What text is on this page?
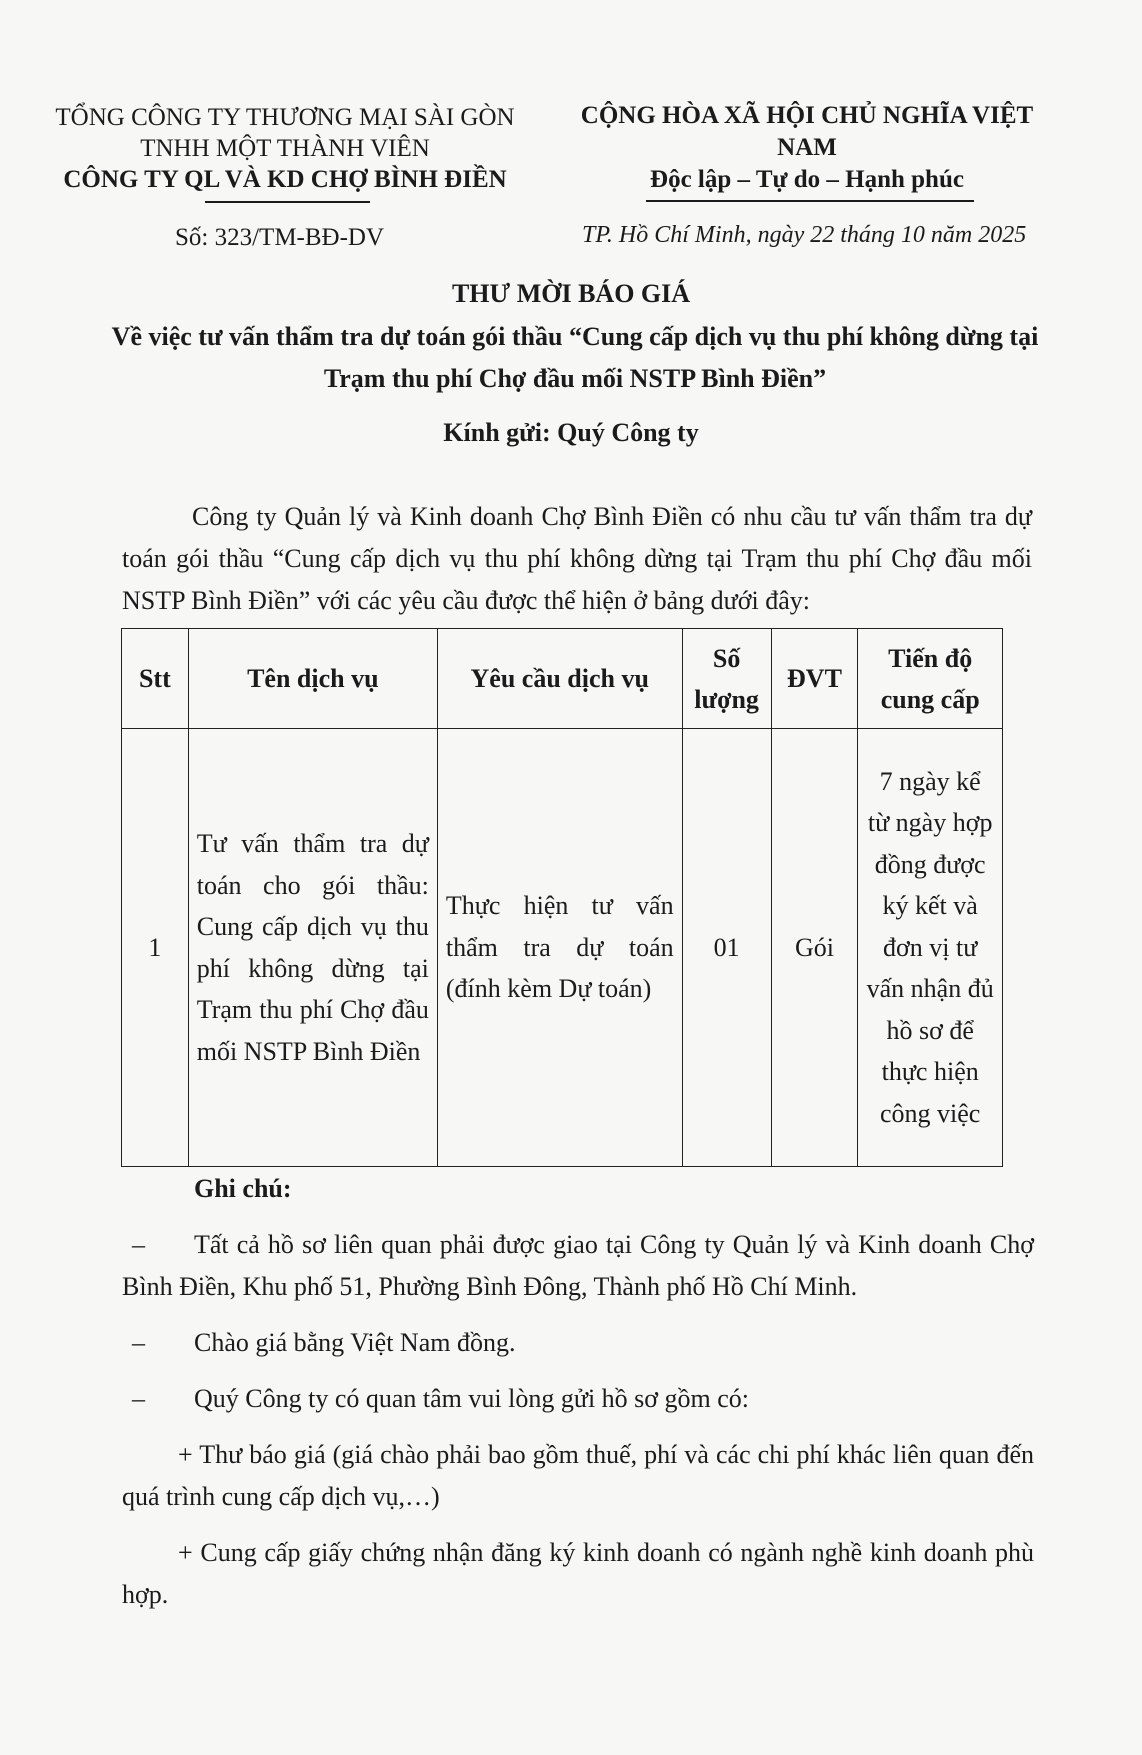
TỔNG CÔNG TY THƯƠNG MẠI SÀI GÒN
TNHH MỘT THÀNH VIÊN
CÔNG TY QL VÀ KD CHỢ BÌNH ĐIỀN
CỘNG HÒA XÃ HỘI CHỦ NGHĨA VIỆT NAM
Độc lập – Tự do – Hạnh phúc
Số: 323/TM-BĐ-DV	TP. Hồ Chí Minh, ngày 22 tháng 10 năm 2025
THƯ MỜI BÁO GIÁ
Về việc tư vấn thẩm tra dự toán gói thầu “Cung cấp dịch vụ thu phí không dừng tại Trạm thu phí Chợ đầu mối NSTP Bình Điền”
Kính gửi: Quý Công ty
Công ty Quản lý và Kinh doanh Chợ Bình Điền có nhu cầu tư vấn thẩm tra dự toán gói thầu “Cung cấp dịch vụ thu phí không dừng tại Trạm thu phí Chợ đầu mối NSTP Bình Điền” với các yêu cầu được thể hiện ở bảng dưới đây:
Stt	Tên dịch vụ	Yêu cầu dịch vụ	Số lượng	ĐVT	Tiến độ cung cấp
1	Tư vấn thẩm tra dự toán cho gói thầu: Cung cấp dịch vụ thu phí không dừng tại Trạm thu phí Chợ đầu mối NSTP Bình Điền	Thực hiện tư vấn thẩm tra dự toán (đính kèm Dự toán)	01	Gói	7 ngày kể từ ngày hợp đồng được ký kết và đơn vị tư vấn nhận đủ hồ sơ để thực hiện công việc
Ghi chú:
– Tất cả hồ sơ liên quan phải được giao tại Công ty Quản lý và Kinh doanh Chợ Bình Điền, Khu phố 51, Phường Bình Đông, Thành phố Hồ Chí Minh.
– Chào giá bằng Việt Nam đồng.
– Quý Công ty có quan tâm vui lòng gửi hồ sơ gồm có:
+ Thư báo giá (giá chào phải bao gồm thuế, phí và các chi phí khác liên quan đến quá trình cung cấp dịch vụ,…)
+ Cung cấp giấy chứng nhận đăng ký kinh doanh có ngành nghề kinh doanh phù hợp.
